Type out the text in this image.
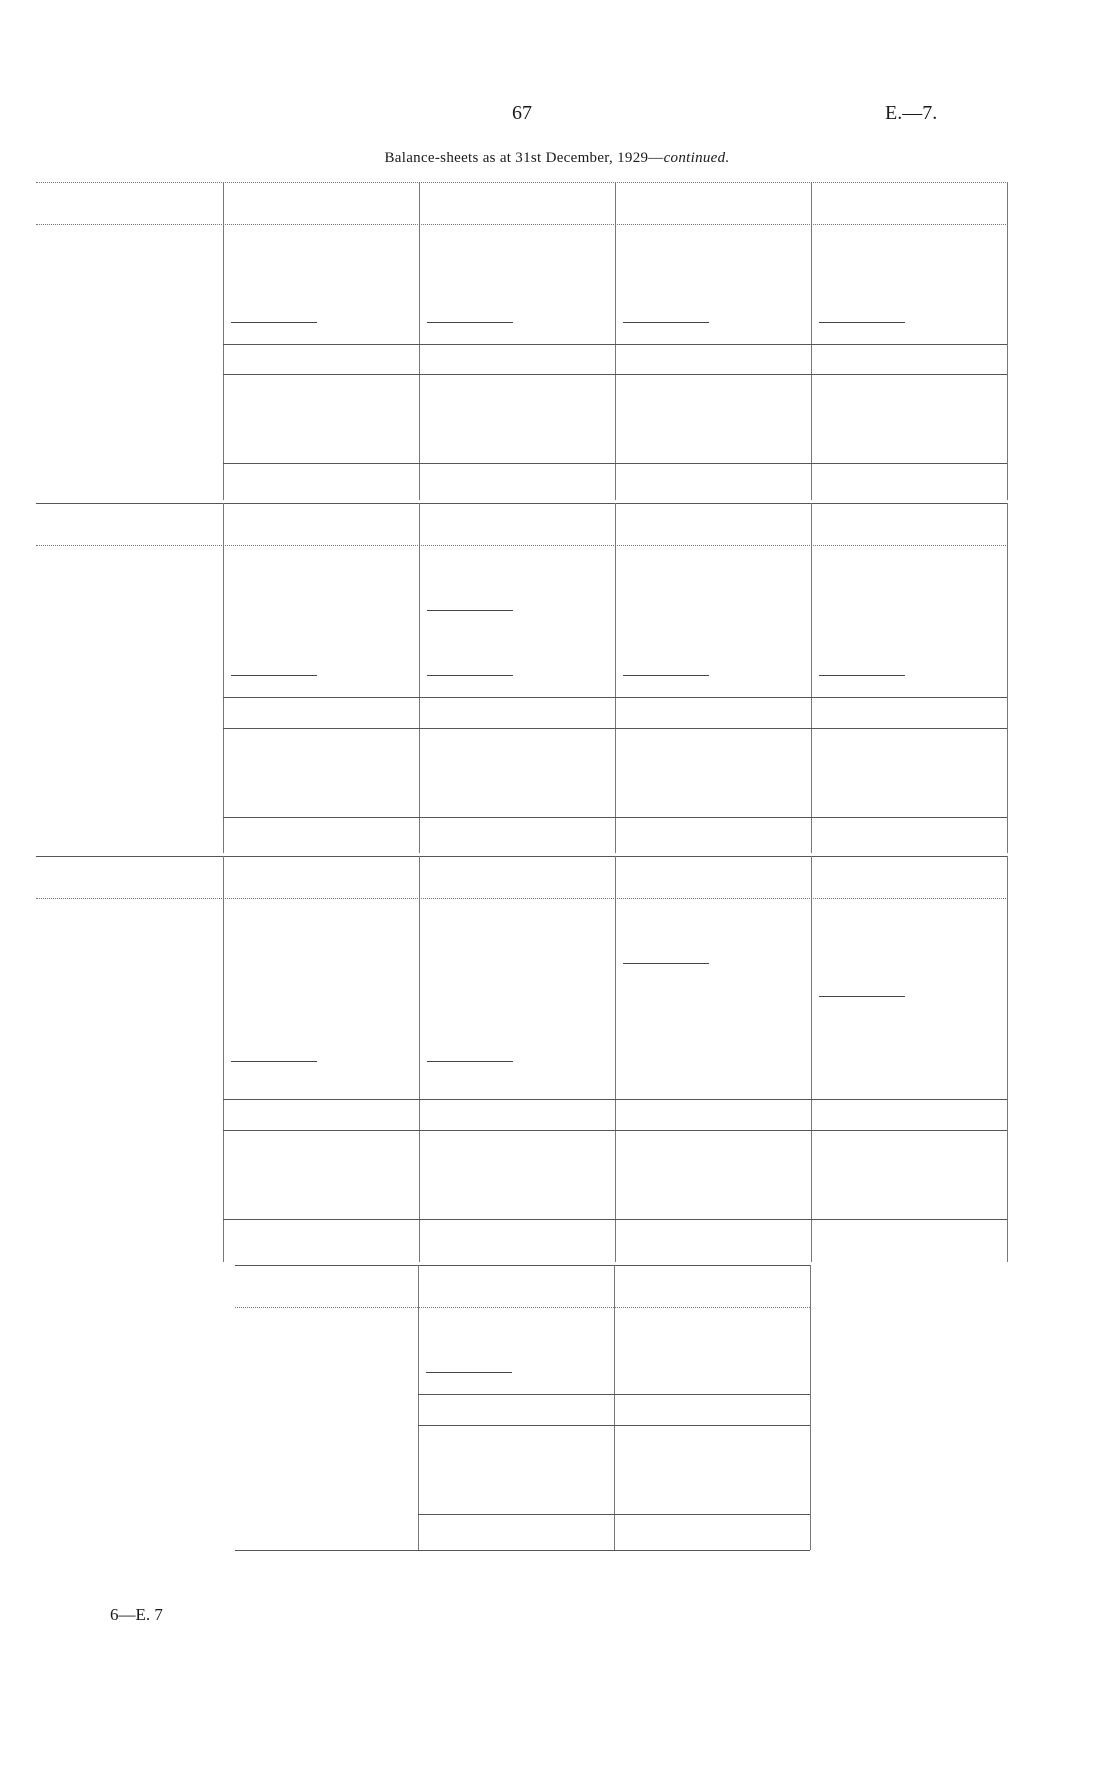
67	E.—7.
Balance-sheets as at 31st December, 1929—continued.
6—E. 7
